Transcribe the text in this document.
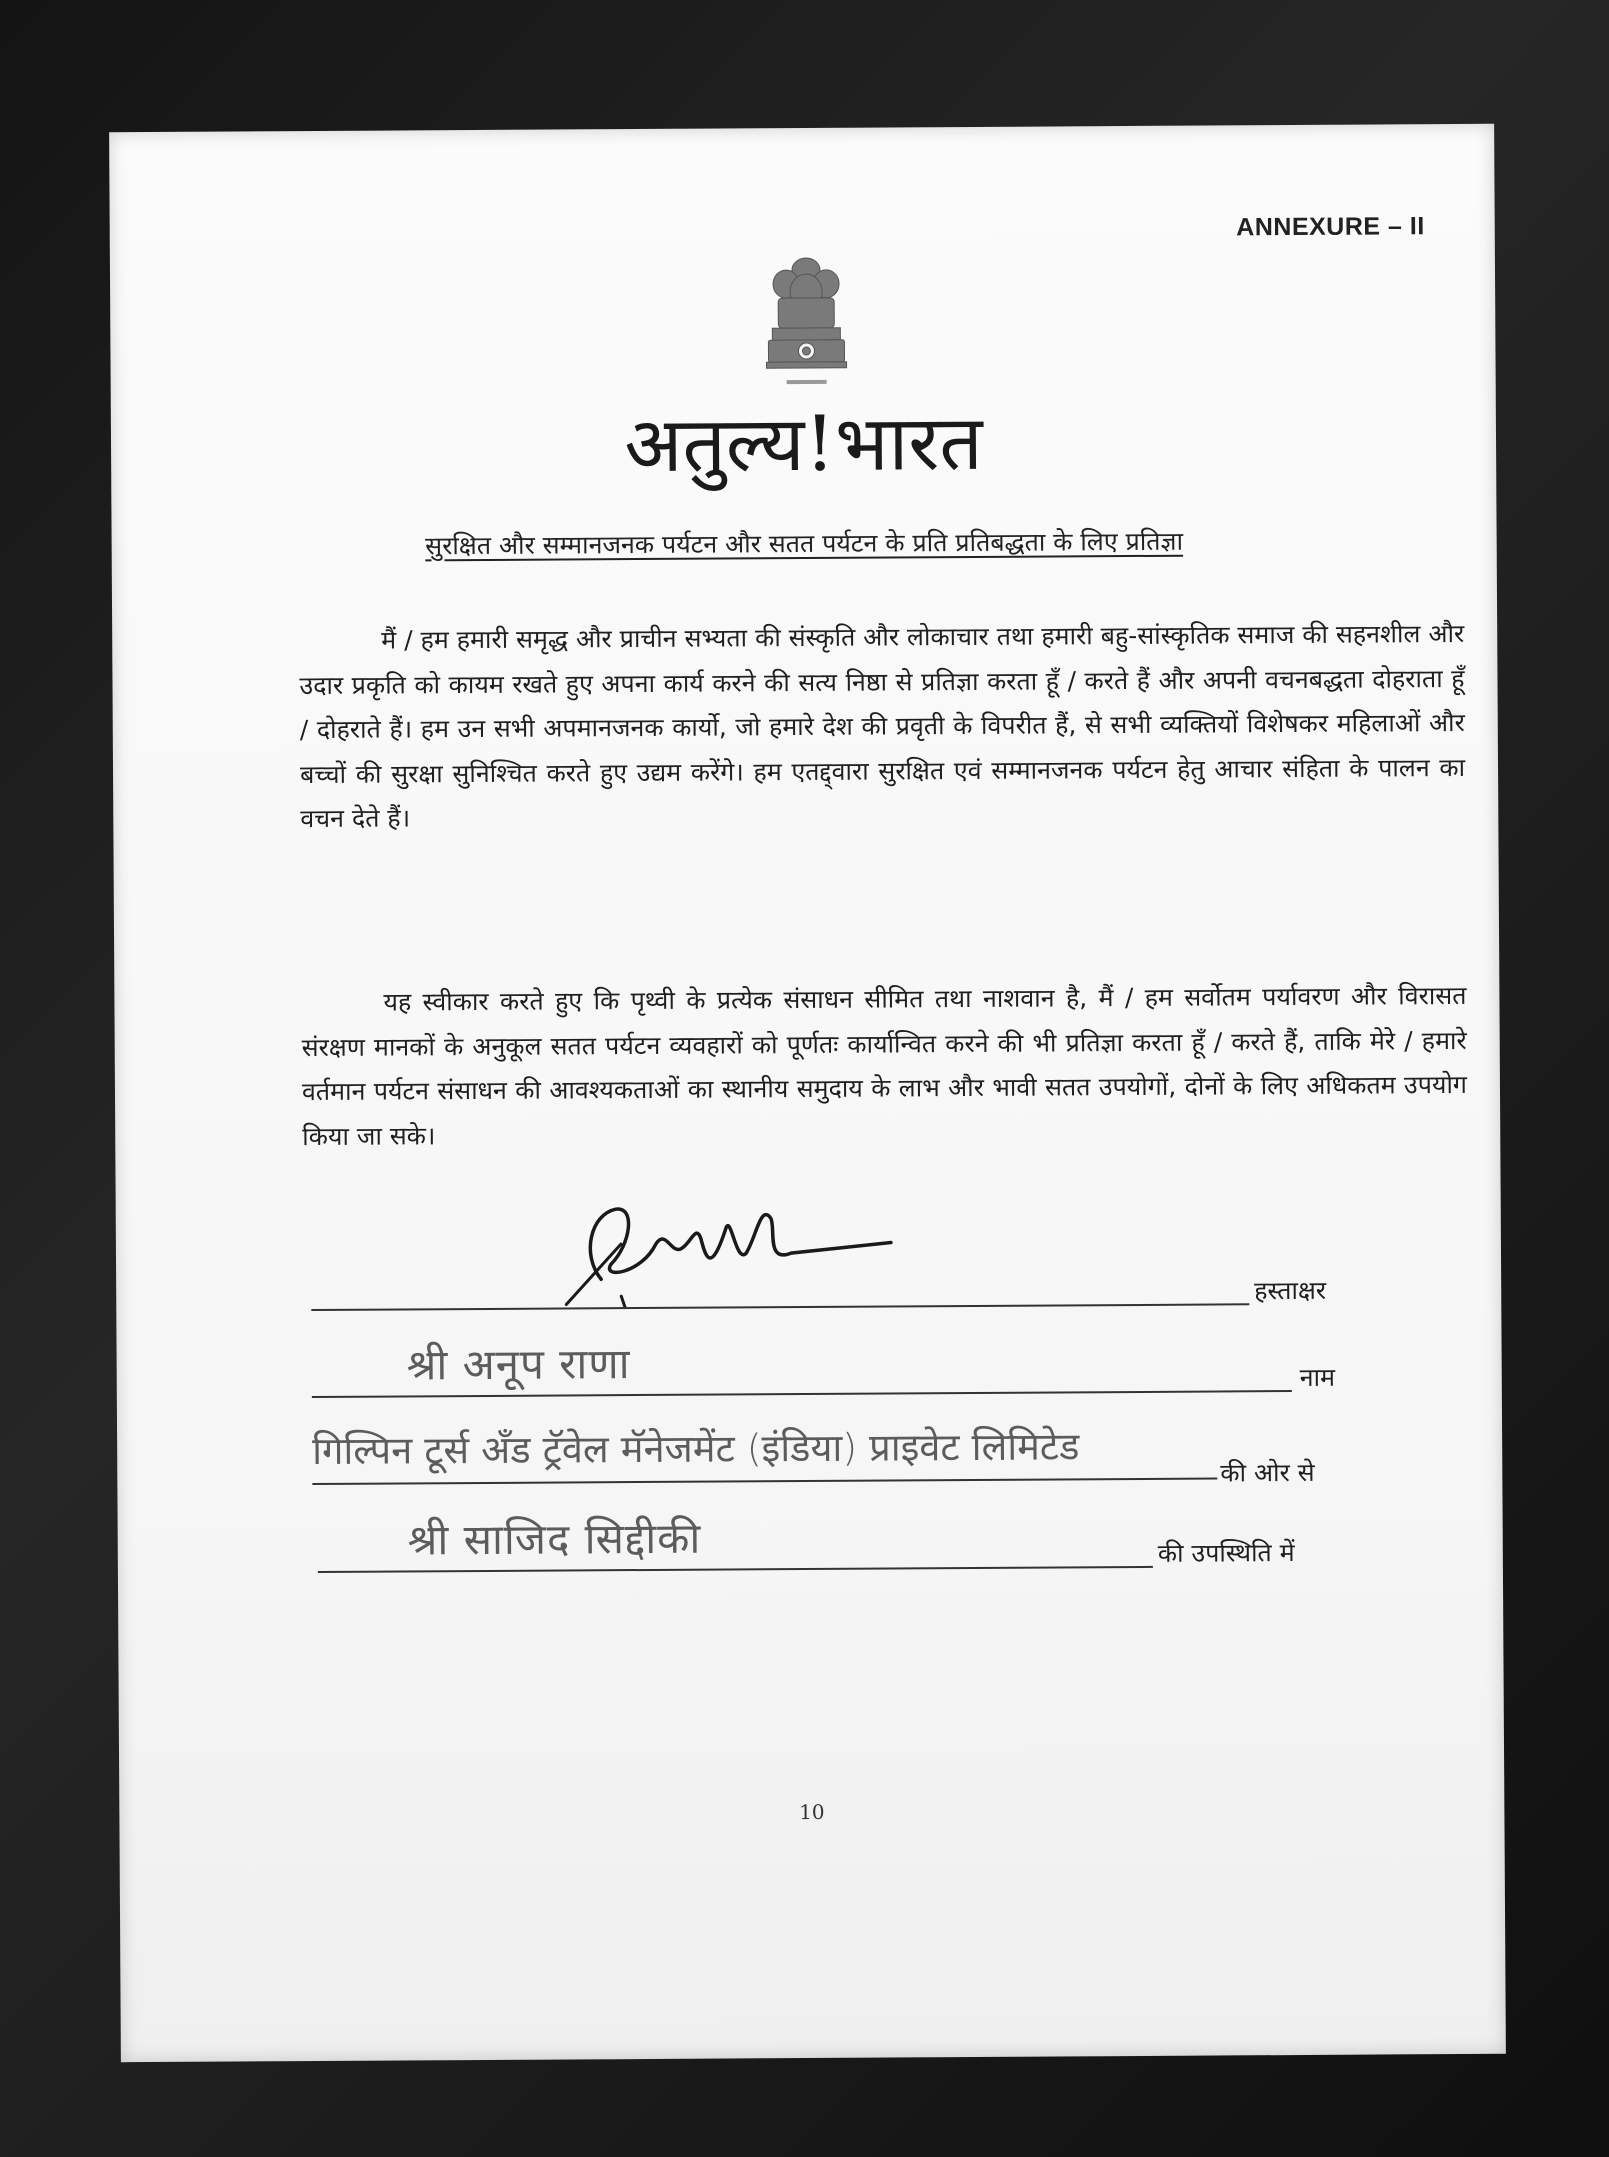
ANNEXURE – II
अतुल्य!भारत
सुरक्षित और सम्मानजनक पर्यटन और सतत पर्यटन के प्रति प्रतिबद्धता के लिए प्रतिज्ञा

मैं / हम हमारी समृद्ध और प्राचीन सभ्यता की संस्कृति और लोकाचार तथा हमारी बहु-सांस्कृतिक समाज की सहनशील और उदार प्रकृति को कायम रखते हुए अपना कार्य करने की सत्य निष्ठा से प्रतिज्ञा करता हूँ / करते हैं और अपनी वचनबद्धता दोहराता हूँ / दोहराते हैं। हम उन सभी अपमानजनक कार्यो, जो हमारे देश की प्रवृती के विपरीत हैं, से सभी व्यक्तियों विशेषकर महिलाओं और बच्चों की सुरक्षा सुनिश्चित करते हुए उद्यम करेंगे। हम एतद्द्वारा सुरक्षित एवं सम्मानजनक पर्यटन हेतु आचार संहिता के पालन का वचन देते हैं।

यह स्वीकार करते हुए कि पृथ्वी के प्रत्येक संसाधन सीमित तथा नाशवान है, मैं / हम सर्वोतम पर्यावरण और विरासत संरक्षण मानकों के अनुकूल सतत पर्यटन व्यवहारों को पूर्णतः कार्यान्वित करने की भी प्रतिज्ञा करता हूँ / करते हैं, ताकि मेरे / हमारे वर्तमान पर्यटन संसाधन की आवश्यकताओं का स्थानीय समुदाय के लाभ और भावी सतत उपयोगों, दोनों के लिए अधिकतम उपयोग किया जा सके।

हस्ताक्षर
श्री अनूप राणा	नाम
गिल्पिन टूर्स अँड ट्रॅवेल मॅनेजमेंट (इंडिया) प्राइवेट लिमिटेड	की ओर से
श्री साजिद सिद्दीकी	की उपस्थिति में
10
